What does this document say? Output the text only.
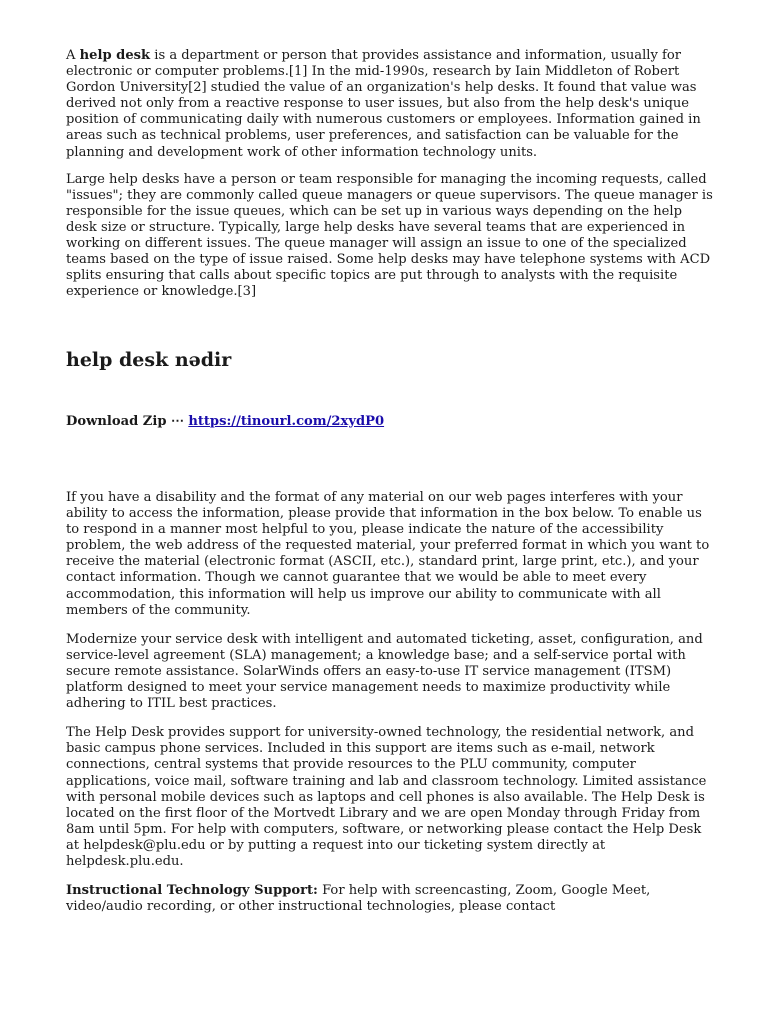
A help desk is a department or person that provides assistance and information, usually for electronic or computer problems.[1] In the mid-1990s, research by Iain Middleton of Robert Gordon University[2] studied the value of an organization's help desks. It found that value was derived not only from a reactive response to user issues, but also from the help desk's unique position of communicating daily with numerous customers or employees. Information gained in areas such as technical problems, user preferences, and satisfaction can be valuable for the planning and development work of other information technology units.

Large help desks have a person or team responsible for managing the incoming requests, called "issues"; they are commonly called queue managers or queue supervisors. The queue manager is responsible for the issue queues, which can be set up in various ways depending on the help desk size or structure. Typically, large help desks have several teams that are experienced in working on different issues. The queue manager will assign an issue to one of the specialized teams based on the type of issue raised. Some help desks may have telephone systems with ACD splits ensuring that calls about specific topics are put through to analysts with the requisite experience or knowledge.[3]

help desk nədir
Download Zip ⋯ https://tinourl.com/2xydP0

If you have a disability and the format of any material on our web pages interferes with your ability to access the information, please provide that information in the box below. To enable us to respond in a manner most helpful to you, please indicate the nature of the accessibility problem, the web address of the requested material, your preferred format in which you want to receive the material (electronic format (ASCII, etc.), standard print, large print, etc.), and your contact information. Though we cannot guarantee that we would be able to meet every accommodation, this information will help us improve our ability to communicate with all members of the community.

Modernize your service desk with intelligent and automated ticketing, asset, configuration, and service-level agreement (SLA) management; a knowledge base; and a self-service portal with secure remote assistance. SolarWinds offers an easy-to-use IT service management (ITSM) platform designed to meet your service management needs to maximize productivity while adhering to ITIL best practices.

The Help Desk provides support for university-owned technology, the residential network, and basic campus phone services. Included in this support are items such as e-mail, network connections, central systems that provide resources to the PLU community, computer applications, voice mail, software training and lab and classroom technology. Limited assistance with personal mobile devices such as laptops and cell phones is also available. The Help Desk is located on the first floor of the Mortvedt Library and we are open Monday through Friday from 8am until 5pm. For help with computers, software, or networking please contact the Help Desk at helpdesk@plu.edu or by putting a request into our ticketing system directly at helpdesk.plu.edu.

Instructional Technology Support: For help with screencasting, Zoom, Google Meet, video/audio recording, or other instructional technologies, please contact
